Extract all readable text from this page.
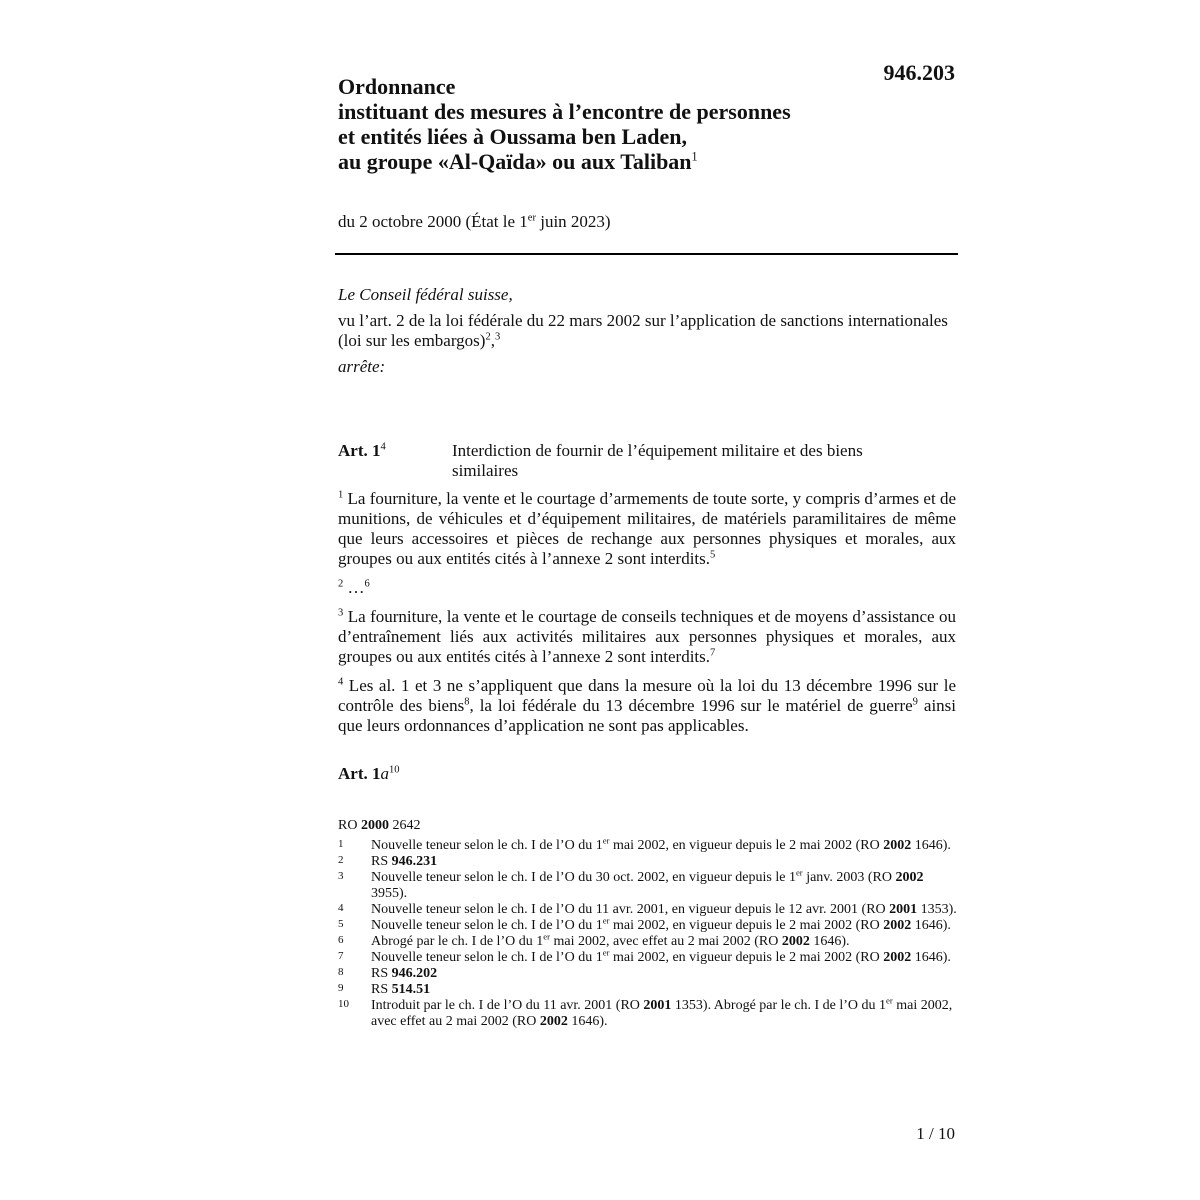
946.203
Ordonnance
instituant des mesures à l’encontre de personnes
et entités liées à Oussama ben Laden,
au groupe «Al-Qaïda» ou aux Taliban$^1$
du 2 octobre 2000 (État le 1er juin 2023)
Le Conseil fédéral suisse,
vu l’art. 2 de la loi fédérale du 22 mars 2002 sur l’application de sanctions internationales (loi sur les embargos)$^2$,$^3$
arrête:
Art. $1^4$	Interdiction de fournir de l’équipement militaire et des biens similaires
$^1$ La fourniture, la vente et le courtage d’armements de toute sorte, y compris d’armes et de munitions, de véhicules et d’équipement militaires, de matériels paramilitaires de même que leurs accessoires et pièces de rechange aux personnes physiques et morales, aux groupes ou aux entités cités à l’annexe 2 sont interdits.$^5$
$^2$ …$^6$
$^3$ La fourniture, la vente et le courtage de conseils techniques et de moyens d’assistance ou d’entraînement liés aux activités militaires aux personnes physiques et morales, aux groupes ou aux entités cités à l’annexe 2 sont interdits.$^7$
$^4$ Les al. 1 et 3 ne s’appliquent que dans la mesure où la loi du 13 décembre 1996 sur le contrôle des biens$^8$, la loi fédérale du 13 décembre 1996 sur le matériel de guerre$^9$ ainsi que leurs ordonnances d’application ne sont pas applicables.
Art. $1a^{10}$
RO 2000 2642
1 Nouvelle teneur selon le ch. I de l’O du 1er mai 2002, en vigueur depuis le 2 mai 2002 (RO 2002 1646).
2 RS 946.231
3 Nouvelle teneur selon le ch. I de l’O du 30 oct. 2002, en vigueur depuis le 1er janv. 2003 (RO 2002 3955).
4 Nouvelle teneur selon le ch. I de l’O du 11 avr. 2001, en vigueur depuis le 12 avr. 2001 (RO 2001 1353).
5 Nouvelle teneur selon le ch. I de l’O du 1er mai 2002, en vigueur depuis le 2 mai 2002 (RO 2002 1646).
6 Abrogé par le ch. I de l’O du 1er mai 2002, avec effet au 2 mai 2002 (RO 2002 1646).
7 Nouvelle teneur selon le ch. I de l’O du 1er mai 2002, en vigueur depuis le 2 mai 2002 (RO 2002 1646).
8 RS 946.202
9 RS 514.51
10 Introduit par le ch. I de l’O du 11 avr. 2001 (RO 2001 1353). Abrogé par le ch. I de l’O du 1er mai 2002, avec effet au 2 mai 2002 (RO 2002 1646).
1 / 10
